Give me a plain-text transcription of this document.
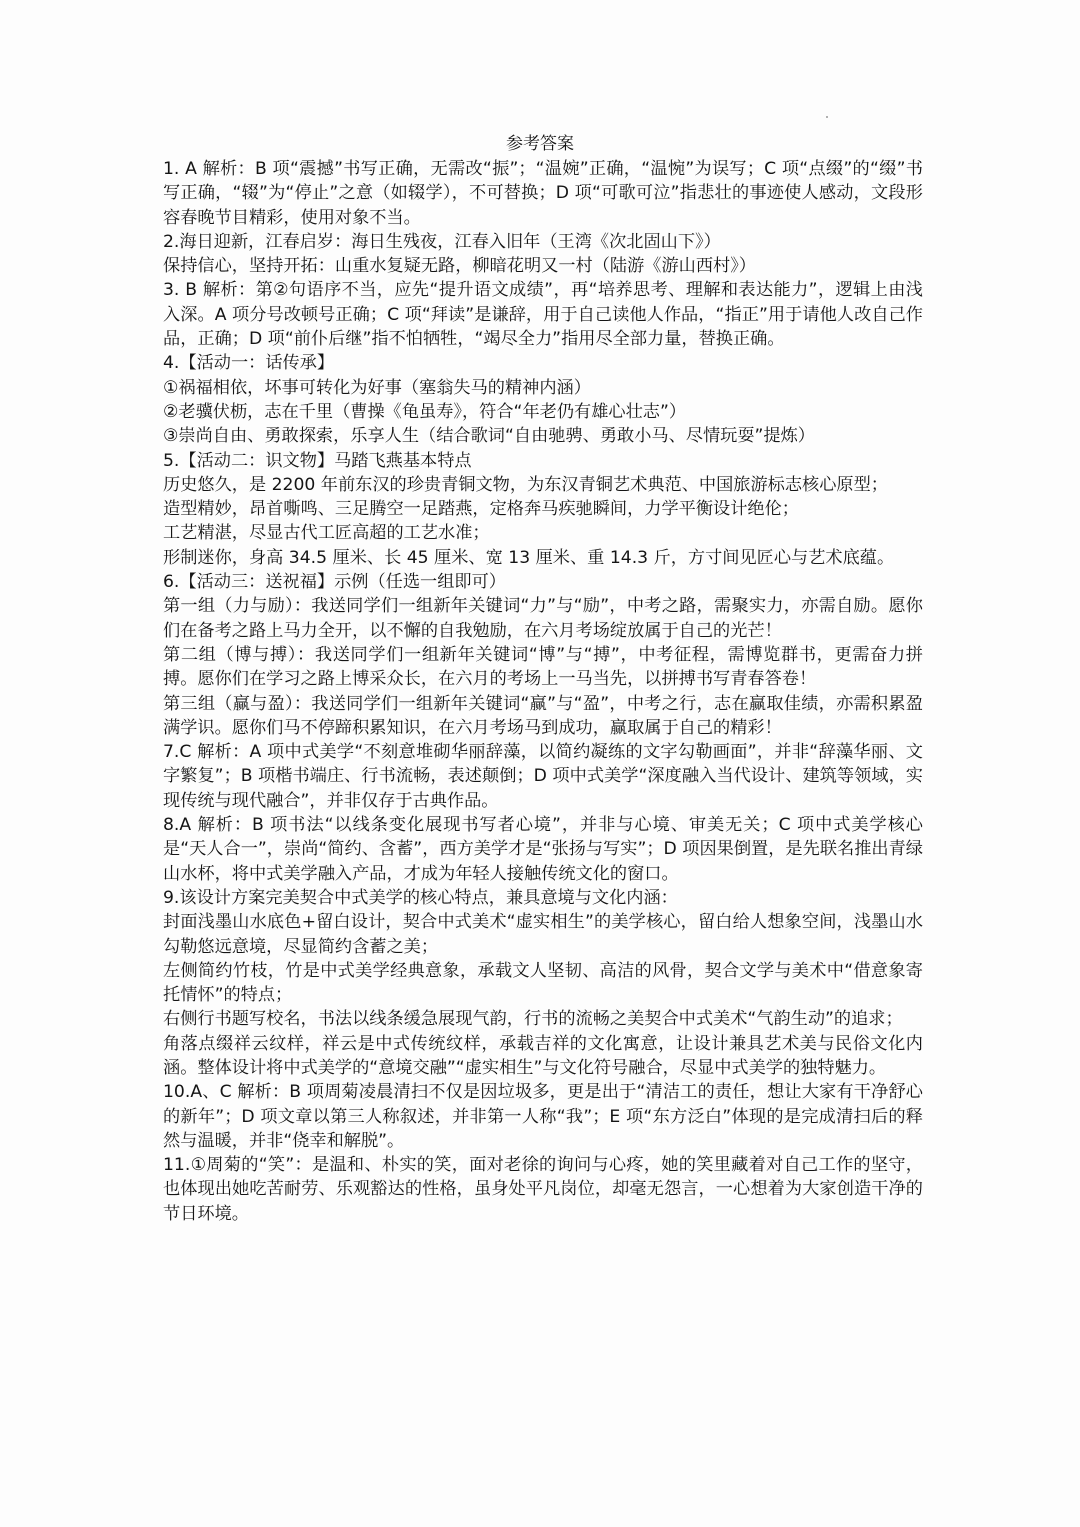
参考答案

1. A 解析：B 项“震撼”书写正确，无需改“振”；“温婉”正确，“温惋”为误写；C 项“点缀”的“缀”书写正确，“辍”为“停止”之意（如辍学），不可替换；D 项“可歌可泣”指悲壮的事迹使人感动，文段形容春晚节目精彩，使用对象不当。

2.海日迎新，江春启岁：海日生残夜，江春入旧年（王湾《次北固山下》）

保持信心，坚持开拓：山重水复疑无路，柳暗花明又一村（陆游《游山西村》）

3. B 解析：第②句语序不当，应先“提升语文成绩”，再“培养思考、理解和表达能力”，逻辑上由浅入深。A 项分号改顿号正确；C 项“拜读”是谦辞，用于自己读他人作品，“指正”用于请他人改自己作品，正确；D 项“前仆后继”指不怕牺牲，“竭尽全力”指用尽全部力量，替换正确。

4.【活动一：话传承】

①祸福相依，坏事可转化为好事（塞翁失马的精神内涵）

②老骥伏枥，志在千里（曹操《龟虽寿》，符合“年老仍有雄心壮志”）

③崇尚自由、勇敢探索，乐享人生（结合歌词“自由驰骋、勇敢小马、尽情玩耍”提炼）

5.【活动二：识文物】马踏飞燕基本特点

历史悠久，是 2200 年前东汉的珍贵青铜文物，为东汉青铜艺术典范、中国旅游标志核心原型；

造型精妙，昂首嘶鸣、三足腾空一足踏燕，定格奔马疾驰瞬间，力学平衡设计绝伦；

工艺精湛，尽显古代工匠高超的工艺水准；

形制迷你，身高 34.5 厘米、长 45 厘米、宽 13 厘米、重 14.3 斤，方寸间见匠心与艺术底蕴。

6.【活动三：送祝福】示例（任选一组即可）

第一组（力与励）：我送同学们一组新年关键词“力”与“励”，中考之路，需聚实力，亦需自励。愿你们在备考之路上马力全开，以不懈的自我勉励，在六月考场绽放属于自己的光芒！

第二组（博与搏）：我送同学们一组新年关键词“博”与“搏”，中考征程，需博览群书，更需奋力拼搏。愿你们在学习之路上博采众长，在六月的考场上一马当先，以拼搏书写青春答卷！

第三组（赢与盈）：我送同学们一组新年关键词“赢”与“盈”，中考之行，志在赢取佳绩，亦需积累盈满学识。愿你们马不停蹄积累知识，在六月考场马到成功，赢取属于自己的精彩！

7.C 解析：A 项中式美学“不刻意堆砌华丽辞藻，以简约凝练的文字勾勒画面”，并非“辞藻华丽、文字繁复”；B 项楷书端庄、行书流畅，表述颠倒；D 项中式美学“深度融入当代设计、建筑等领域，实现传统与现代融合”，并非仅存于古典作品。

8.A 解析：B 项书法“以线条变化展现书写者心境”，并非与心境、审美无关；C 项中式美学核心是“天人合一”，崇尚“简约、含蓄”，西方美学才是“张扬与写实”；D 项因果倒置，是先联名推出青绿山水杯，将中式美学融入产品，才成为年轻人接触传统文化的窗口。

9.该设计方案完美契合中式美学的核心特点，兼具意境与文化内涵：

封面浅墨山水底色+留白设计，契合中式美术“虚实相生”的美学核心，留白给人想象空间，浅墨山水勾勒悠远意境，尽显简约含蓄之美；

左侧简约竹枝，竹是中式美学经典意象，承载文人坚韧、高洁的风骨，契合文学与美术中“借意象寄托情怀”的特点；

右侧行书题写校名，书法以线条缓急展现气韵，行书的流畅之美契合中式美术“气韵生动”的追求；

角落点缀祥云纹样，祥云是中式传统纹样，承载吉祥的文化寓意，让设计兼具艺术美与民俗文化内涵。整体设计将中式美学的“意境交融”“虚实相生”与文化符号融合，尽显中式美学的独特魅力。

10.A、C 解析：B 项周菊凌晨清扫不仅是因垃圾多，更是出于“清洁工的责任，想让大家有干净舒心的新年”；D 项文章以第三人称叙述，并非第一人称“我”；E 项“东方泛白”体现的是完成清扫后的释然与温暖，并非“侥幸和解脱”。

11.①周菊的“笑”：是温和、朴实的笑，面对老徐的询问与心疼，她的笑里藏着对自己工作的坚守，也体现出她吃苦耐劳、乐观豁达的性格，虽身处平凡岗位，却毫无怨言，一心想着为大家创造干净的节日环境。
